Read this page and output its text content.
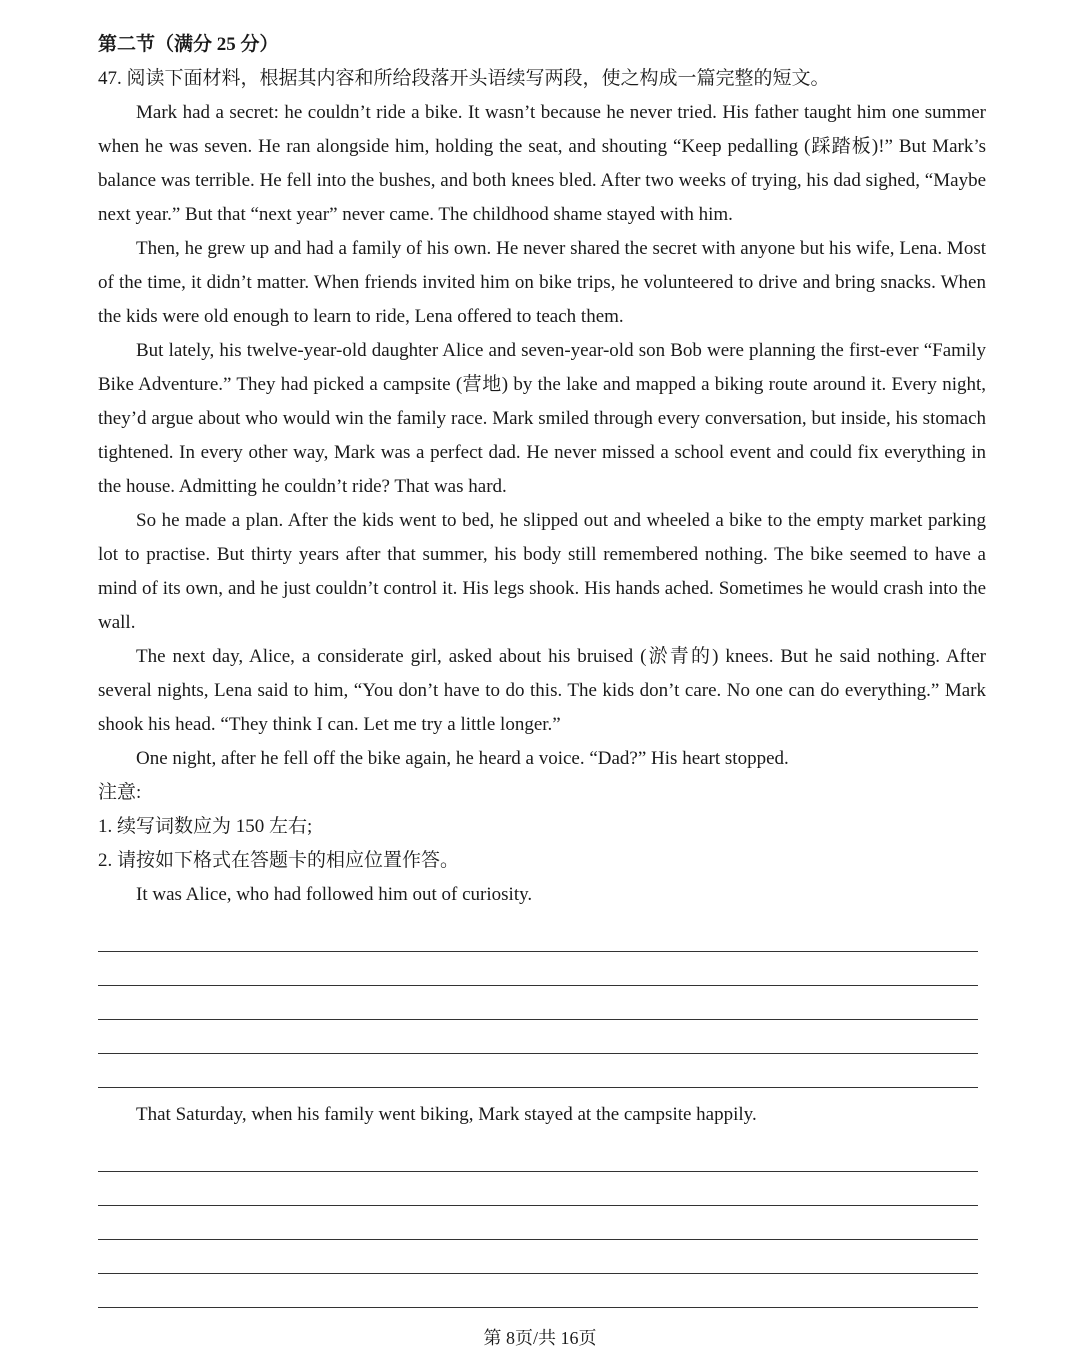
第二节（满分 25 分）
47. 阅读下面材料，根据其内容和所给段落开头语续写两段，使之构成一篇完整的短文。

Mark had a secret: he couldn’t ride a bike. It wasn’t because he never tried. His father taught him one summer when he was seven. He ran alongside him, holding the seat, and shouting “Keep pedalling (踩踏板)!” But Mark’s balance was terrible. He fell into the bushes, and both knees bled. After two weeks of trying, his dad sighed, “Maybe next year.” But that “next year” never came. The childhood shame stayed with him.

Then, he grew up and had a family of his own. He never shared the secret with anyone but his wife, Lena. Most of the time, it didn’t matter. When friends invited him on bike trips, he volunteered to drive and bring snacks. When the kids were old enough to learn to ride, Lena offered to teach them.

But lately, his twelve-year-old daughter Alice and seven-year-old son Bob were planning the first-ever “Family Bike Adventure.” They had picked a campsite (营地) by the lake and mapped a biking route around it. Every night, they’d argue about who would win the family race. Mark smiled through every conversation, but inside, his stomach tightened. In every other way, Mark was a perfect dad. He never missed a school event and could fix everything in the house. Admitting he couldn’t ride? That was hard.

So he made a plan. After the kids went to bed, he slipped out and wheeled a bike to the empty market parking lot to practise. But thirty years after that summer, his body still remembered nothing. The bike seemed to have a mind of its own, and he just couldn’t control it. His legs shook. His hands ached. Sometimes he would crash into the wall.

The next day, Alice, a considerate girl, asked about his bruised (淤青的) knees. But he said nothing. After several nights, Lena said to him, “You don’t have to do this. The kids don’t care. No one can do everything.” Mark shook his head. “They think I can. Let me try a little longer.”

One night, after he fell off the bike again, he heard a voice. “Dad?” His heart stopped.

注意:
1. 续写词数应为 150 左右;
2. 请按如下格式在答题卡的相应位置作答。
It was Alice, who had followed him out of curiosity.
That Saturday, when his family went biking, Mark stayed at the campsite happily.
第 8页/共 16页
